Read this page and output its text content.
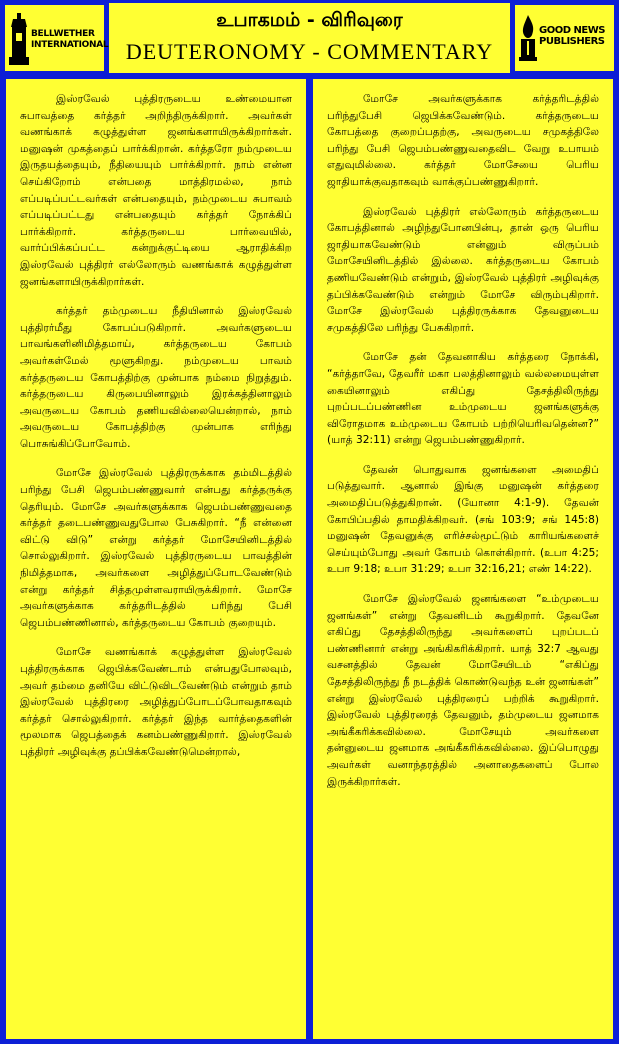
BELLWETHER
INTERNATIONAL
உபாகமம் - விரிவுரை
DEUTERONOMY - COMMENTARY
GOOD NEWS
PUBLISHERS

இஸ்ரவேல் புத்திரருடைய உண்மையான சுபாவத்தை கர்த்தர் அறிந்திருக்கிறார். அவர்கள் வணங்காக் கழுத்துள்ள ஜனங்களாயிருக்கிறார்கள். மனுஷன் முகத்தைப் பார்க்கிறான். கர்த்தரோ நம்முடைய இருதயத்தையும், நீதியையும் பார்க்கிறார். நாம் என்ன செய்கிறோம் என்பதை மாத்திரமல்ல, நாம் எப்படிப்பட்டவர்கள் என்பதையும், நம்முடைய சுபாவம் எப்படிப்பட்டது என்பதையும் கர்த்தர் நோக்கிப் பார்க்கிறார். கர்த்தருடைய பார்வையில், வார்ப்பிக்கப்பட்ட கன்றுக்குட்டியை ஆராதிக்கிற இஸ்ரவேல் புத்திரர் எல்லோரும் வணங்காக் கழுத்துள்ள ஜனங்களாயிருக்கிறார்கள்.

கர்த்தர் தம்முடைய நீதியினால் இஸ்ரவேல் புத்திரர்மீது கோபப்படுகிறார். அவர்களுடைய பாவங்களினிமித்தமாய், கர்த்தருடைய கோபம் அவர்கள்மேல் மூளுகிறது. நம்முடைய பாவம் கர்த்தருடைய கோபத்திற்கு முன்பாக நம்மை நிறுத்தும். கர்த்தருடைய கிருபையினாலும் இரக்கத்தினாலும் அவருடைய கோபம் தணியவில்லையென்றால், நாம் அவருடைய கோபத்திற்கு முன்பாக எரிந்து பொசுங்கிப்போவோம்.

மோசே இஸ்ரவேல் புத்திரருக்காக தம்மிடத்தில் பரிந்து பேசி ஜெபம்பண்ணுவார் என்பது கர்த்தருக்கு தெரியும். மோசே அவர்களுக்காக ஜெபம்பண்ணுவதை கர்த்தர் தடைபண்ணுவதுபோல பேசுகிறார். “நீ என்னை விட்டு விடு” என்று கர்த்தர் மோசேயினிடத்தில் சொல்லுகிறார். இஸ்ரவேல் புத்திரருடைய பாவத்தின் நிமித்தமாக, அவர்களை அழித்துப்போடவேண்டும் என்று கர்த்தர் சித்தமுள்ளவராயிருக்கிறார். மோசே அவர்களுக்காக கர்த்தரிடத்தில் பரிந்து பேசி ஜெபம்பண்ணினால், கர்த்தருடைய கோபம் குறையும்.

மோசே வணங்காக் கழுத்துள்ள இஸ்ரவேல் புத்திரருக்காக ஜெபிக்கவேண்டாம் என்பதுபோலவும், அவர் தம்மை தனியே விட்டுவிடவேண்டும் என்றும் தாம் இஸ்ரவேல் புத்திரரை அழித்துப்போடப்போவதாகவும் கர்த்தர் சொல்லுகிறார். கர்த்தர் இந்த வார்த்தைகளின் மூலமாக ஜெபத்தைக் கனம்பண்ணுகிறார். இஸ்ரவேல் புத்திரர் அழிவுக்கு தப்பிக்கவேண்டுமென்றால்,

மோசே அவர்களுக்காக கர்த்தரிடத்தில் பரிந்துபேசி ஜெபிக்கவேண்டும். கர்த்தருடைய கோபத்தை குறைப்பதற்கு, அவருடைய சமுகத்திலே பரிந்து பேசி ஜெபம்பண்ணுவதைவிட வேறு உபாயம் எதுவுமில்லை. கர்த்தர் மோசேயை பெரிய ஜாதியாக்குவதாகவும் வாக்குப்பண்ணுகிறார்.

இஸ்ரவேல் புத்திரர் எல்லோரும் கர்த்தருடைய கோபத்தினால் அழிந்துபோனபின்பு, தான் ஒரு பெரிய ஜாதியாகவேண்டும் என்னும் விருப்பம் மோசேயினிடத்தில் இல்லை. கர்த்தருடைய கோபம் தணியவேண்டும் என்றும், இஸ்ரவேல் புத்திரர் அழிவுக்கு தப்பிக்கவேண்டும் என்றும் மோசே விரும்புகிறார். மோசே இஸ்ரவேல் புத்திரருக்காக தேவனுடைய சமுகத்திலே பரிந்து பேசுகிறார்.

மோசே தன் தேவனாகிய கர்த்தரை நோக்கி, “கர்த்தாவே, தேவரீர் மகா பலத்தினாலும் வல்லமையுள்ள கையினாலும் எகிப்து தேசத்திலிருந்து புறப்படப்பண்ணின உம்முடைய ஜனங்களுக்கு விரோதமாக உம்முடைய கோபம் பற்றியெரிவதென்ன?” (யாத் 32:11) என்று ஜெபம்பண்ணுகிறார்.

தேவன் பொதுவாக ஜனங்களை அமைதிப் படுத்துவார். ஆனால் இங்கு மனுஷன் கர்த்தரை அமைதிப்படுத்துகிறான். (யோனா 4:1-9). தேவன் கோபிப்பதில் தாமதிக்கிறவர். (சங் 103:9; சங் 145:8) மனுஷன் தேவனுக்கு எரிச்சல்மூட்டும் காரியங்களைச் செய்யும்போது அவர் கோபம் கொள்கிறார். (உபா 4:25; உபா 9:18; உபா 31:29; உபா 32:16,21; எண் 14:22).

மோசே இஸ்ரவேல் ஜனங்களை “உம்முடைய ஜனங்கள்” என்று தேவனிடம் கூறுகிறார். தேவனே எகிப்து தேசத்திலிருந்து அவர்களைப் புறப்படப் பண்ணினார் என்று அங்கிகரிக்கிறார். யாத் 32:7 ஆவது வசனத்தில் தேவன் மோசேயிடம் “எகிப்து தேசத்திலிருந்து நீ நடத்திக் கொண்டுவந்த உன் ஜனங்கள்” என்று இஸ்ரவேல் புத்திரரைப் பற்றிக் கூறுகிறார். இஸ்ரவேல் புத்திரரைத் தேவனும், தம்முடைய ஜனமாக அங்கீகரிக்கவில்லை. மோசேயும் அவர்களை தன்னுடைய ஜனமாக அங்கீகரிக்கவில்லை. இப்பொழுது அவர்கள் வனாந்தரத்தில் அனாதைகளைப் போல இருக்கிறார்கள்.
